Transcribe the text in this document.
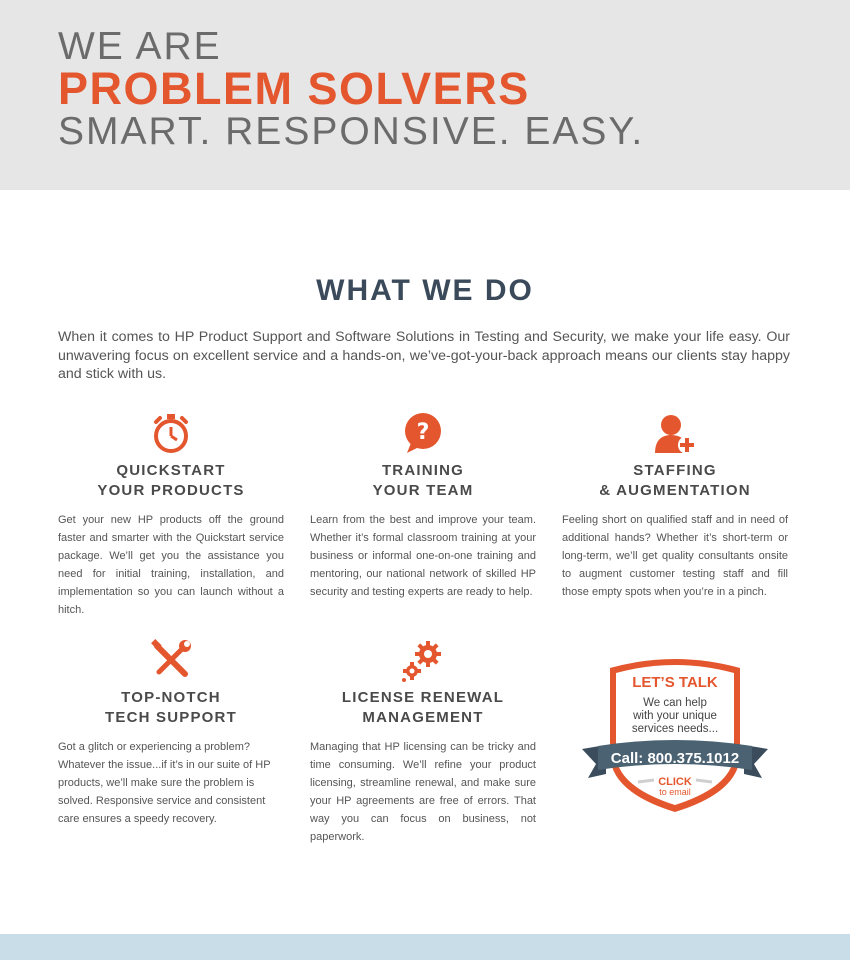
WE ARE
PROBLEM SOLVERS
SMART. RESPONSIVE. EASY.
WHAT WE DO
When it comes to HP Product Support and Software Solutions in Testing and Security, we make your life easy. Our unwavering focus on excellent service and a hands-on, we’ve-got-your-back approach means our clients stay happy and stick with us.
QUICKSTART
YOUR PRODUCTS
Get your new HP products off the ground faster and smarter with the Quickstart service package. We’ll get you the assistance you need for initial training, installation, and implementation so you can launch without a hitch.
?
TRAINING
YOUR TEAM
Learn from the best and improve your team. Whether it’s formal classroom training at your business or informal one-on-one training and mentoring, our national network of skilled HP security and testing experts are ready to help.
STAFFING
& AUGMENTATION
Feeling short on qualified staff and in need of additional hands? Whether it’s short-term or long-term, we’ll get quality consultants onsite to augment customer testing staff and fill those empty spots when you’re in a pinch.
TOP-NOTCH
TECH SUPPORT
Got a glitch or experiencing a problem? Whatever the issue...if it’s in our suite of HP products, we’ll make sure the problem is solved. Responsive service and consistent care ensures a speedy recovery.
LICENSE RENEWAL
MANAGEMENT
Managing that HP licensing can be tricky and time consuming. We’ll refine your product licensing, streamline renewal, and make sure your HP agreements are free of errors. That way you can focus on business, not paperwork.
LET’S TALK
We can help
with your unique
services needs...
Call: 800.375.1012
CLICK
to email
